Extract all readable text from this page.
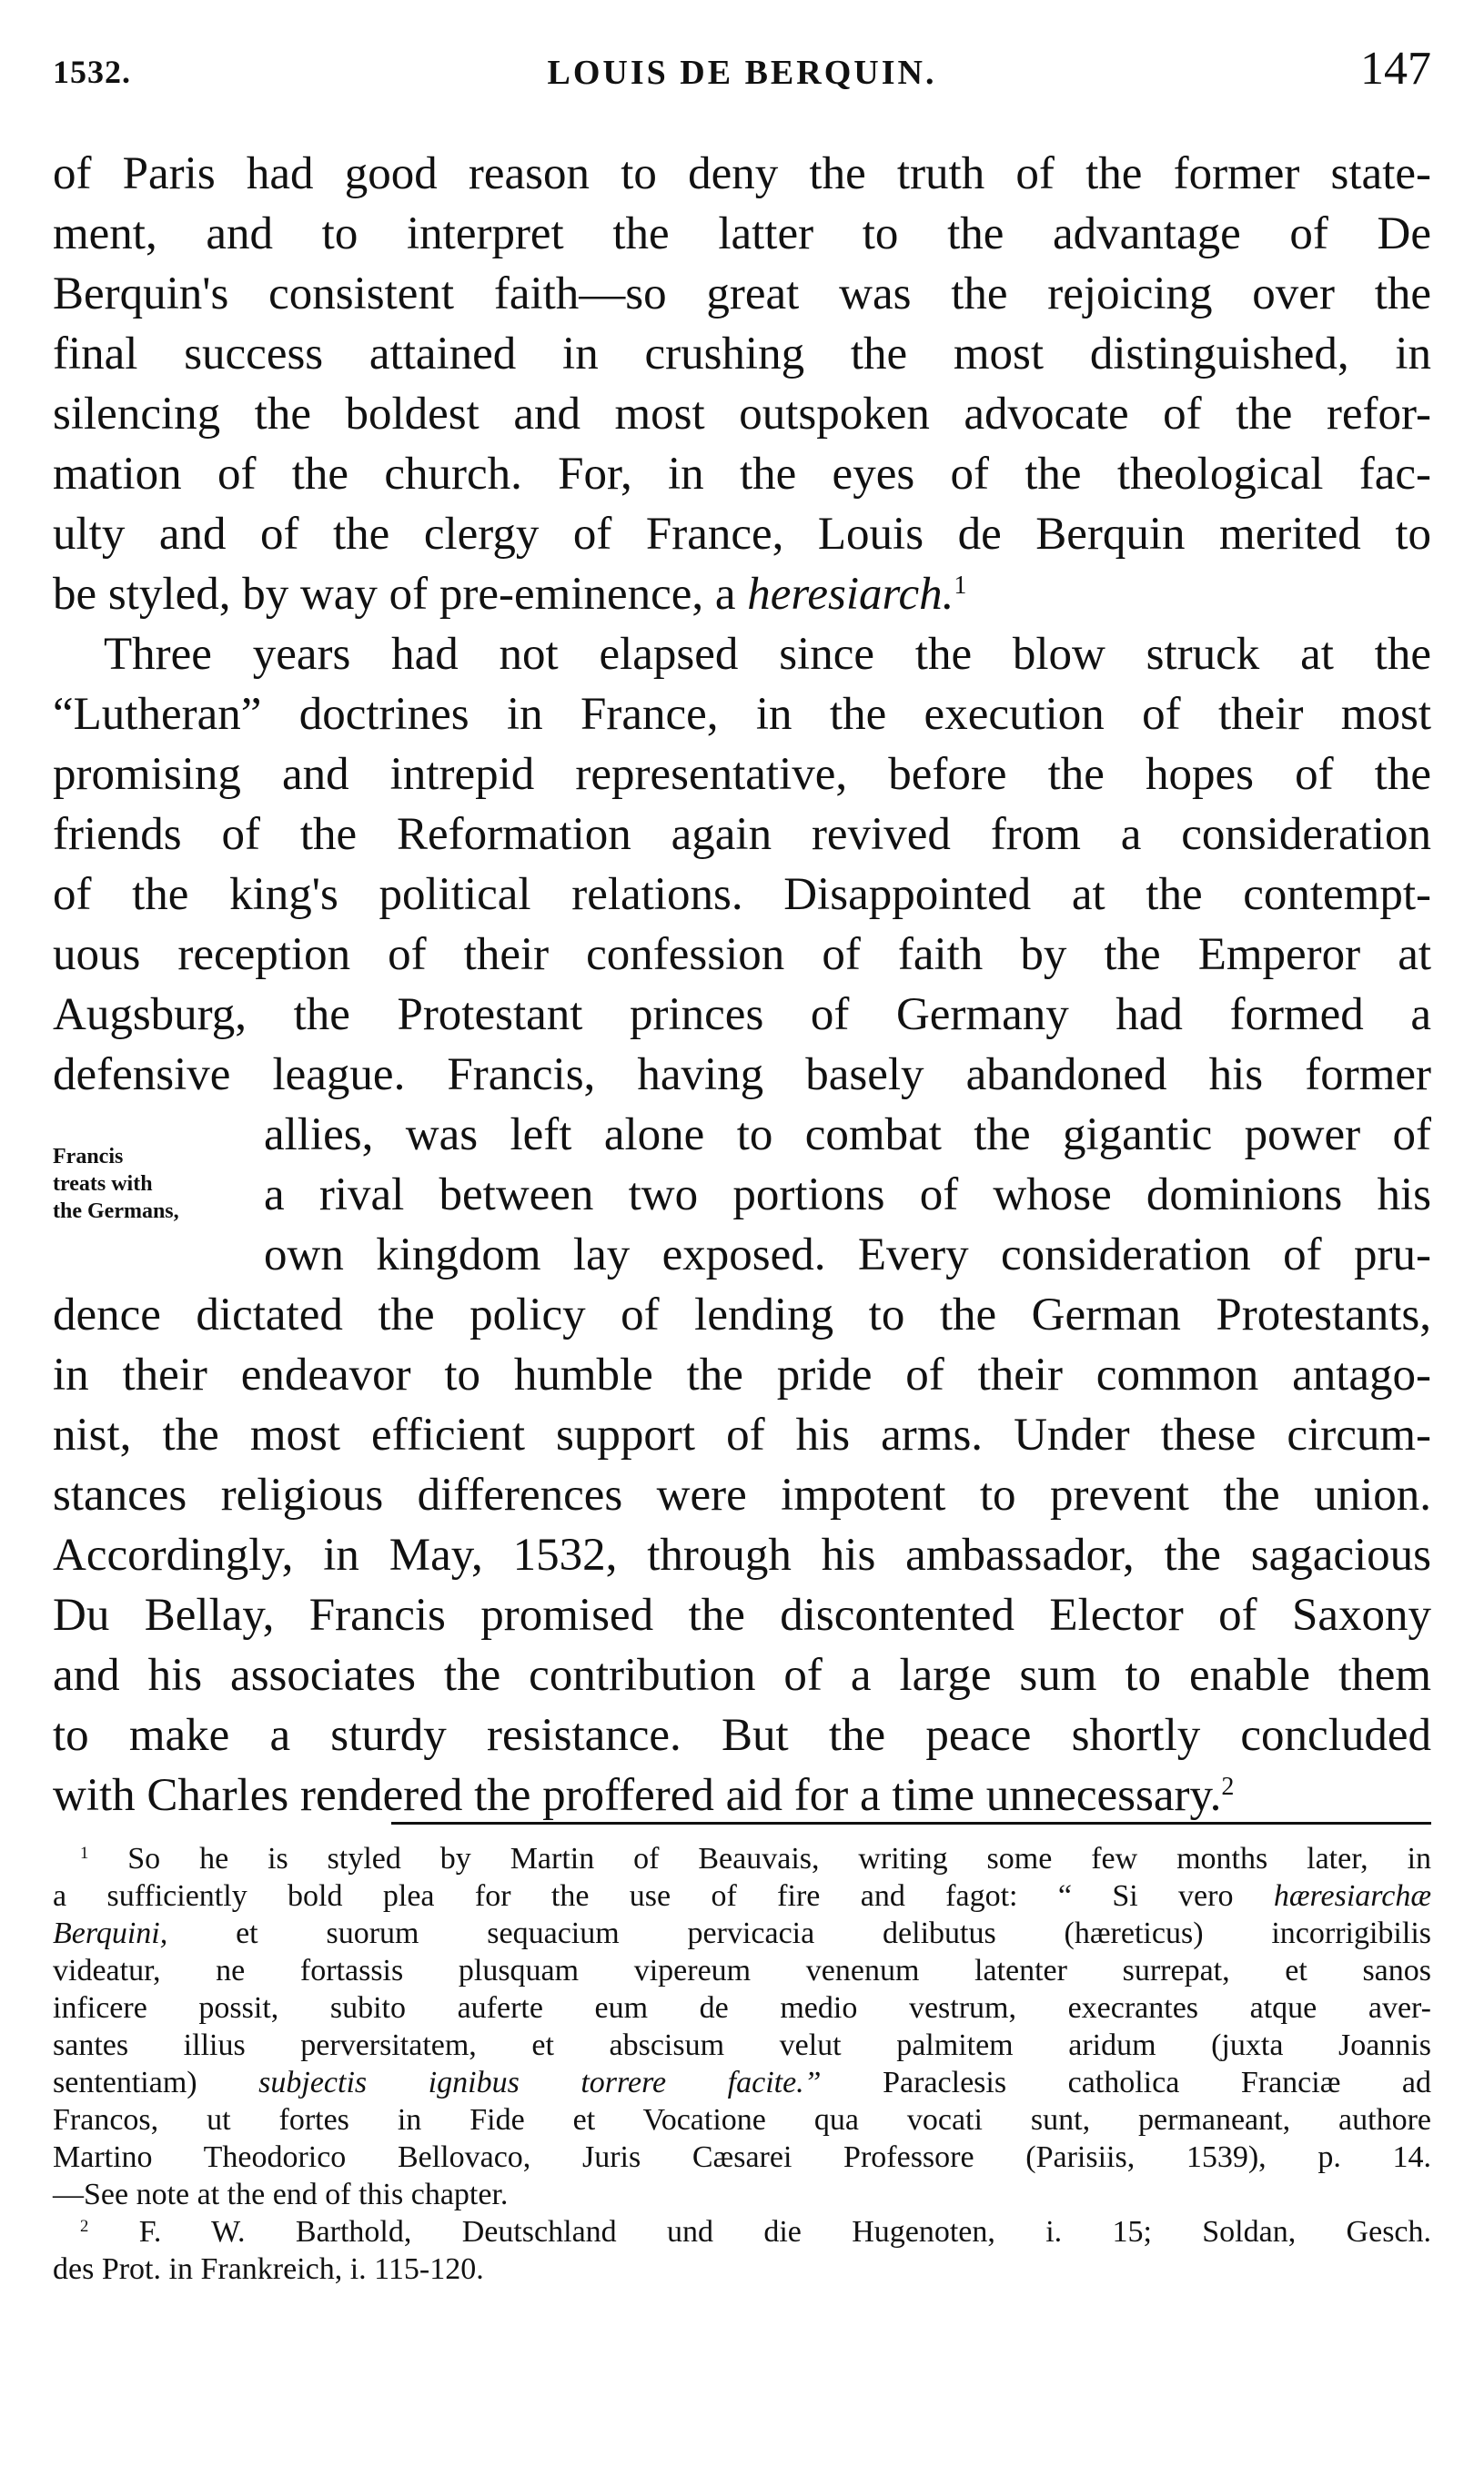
1532.	LOUIS DE BERQUIN.	147
of Paris had good reason to deny the truth of the former state-
ment, and to interpret the latter to the advantage of De
Berquin's consistent faith—so great was the rejoicing over the
final success attained in crushing the most distinguished, in
silencing the boldest and most outspoken advocate of the refor-
mation of the church. For, in the eyes of the theological fac-
ulty and of the clergy of France, Louis de Berquin merited to
be styled, by way of pre-eminence, a heresiarch.$^1$
Three years had not elapsed since the blow struck at the
“Lutheran” doctrines in France, in the execution of their most
promising and intrepid representative, before the hopes of the
friends of the Reformation again revived from a consideration
of the king's political relations. Disappointed at the contempt-
uous reception of their confession of faith by the Emperor at
Augsburg, the Protestant princes of Germany had formed a
defensive league. Francis, having basely abandoned his former
allies, was left alone to combat the gigantic power of
a rival between two portions of whose dominions his
own kingdom lay exposed. Every consideration of pru-
dence dictated the policy of lending to the German Protestants,
in their endeavor to humble the pride of their common antago-
nist, the most efficient support of his arms. Under these circum-
stances religious differences were impotent to prevent the union.
Accordingly, in May, 1532, through his ambassador, the sagacious
Du Bellay, Francis promised the discontented Elector of Saxony
and his associates the contribution of a large sum to enable them
to make a sturdy resistance. But the peace shortly concluded
with Charles rendered the proffered aid for a time unnecessary.$^2$
Francis
treats with
the Germans,
$^1$ So he is styled by Martin of Beauvais, writing some few months later, in
a sufficiently bold plea for the use of fire and fagot: “ Si vero hæresiarchæ
Berquini, et suorum sequacium pervicacia delibutus (hæreticus) incorrigibilis
videatur, ne fortassis plusquam vipereum venenum latenter surrepat, et sanos
inficere possit, subito auferte eum de medio vestrum, execrantes atque aver-
santes illius perversitatem, et abscisum velut palmitem aridum (juxta Joannis
sententiam) subjectis ignibus torrere facite.” Paraclesis catholica Franciæ ad
Francos, ut fortes in Fide et Vocatione qua vocati sunt, permaneant, authore
Martino Theodorico Bellovaco, Juris Cæsarei Professore (Parisiis, 1539), p. 14.
—See note at the end of this chapter.
$^2$ F. W. Barthold, Deutschland und die Hugenoten, i. 15; Soldan, Gesch.
des Prot. in Frankreich, i. 115-120.
